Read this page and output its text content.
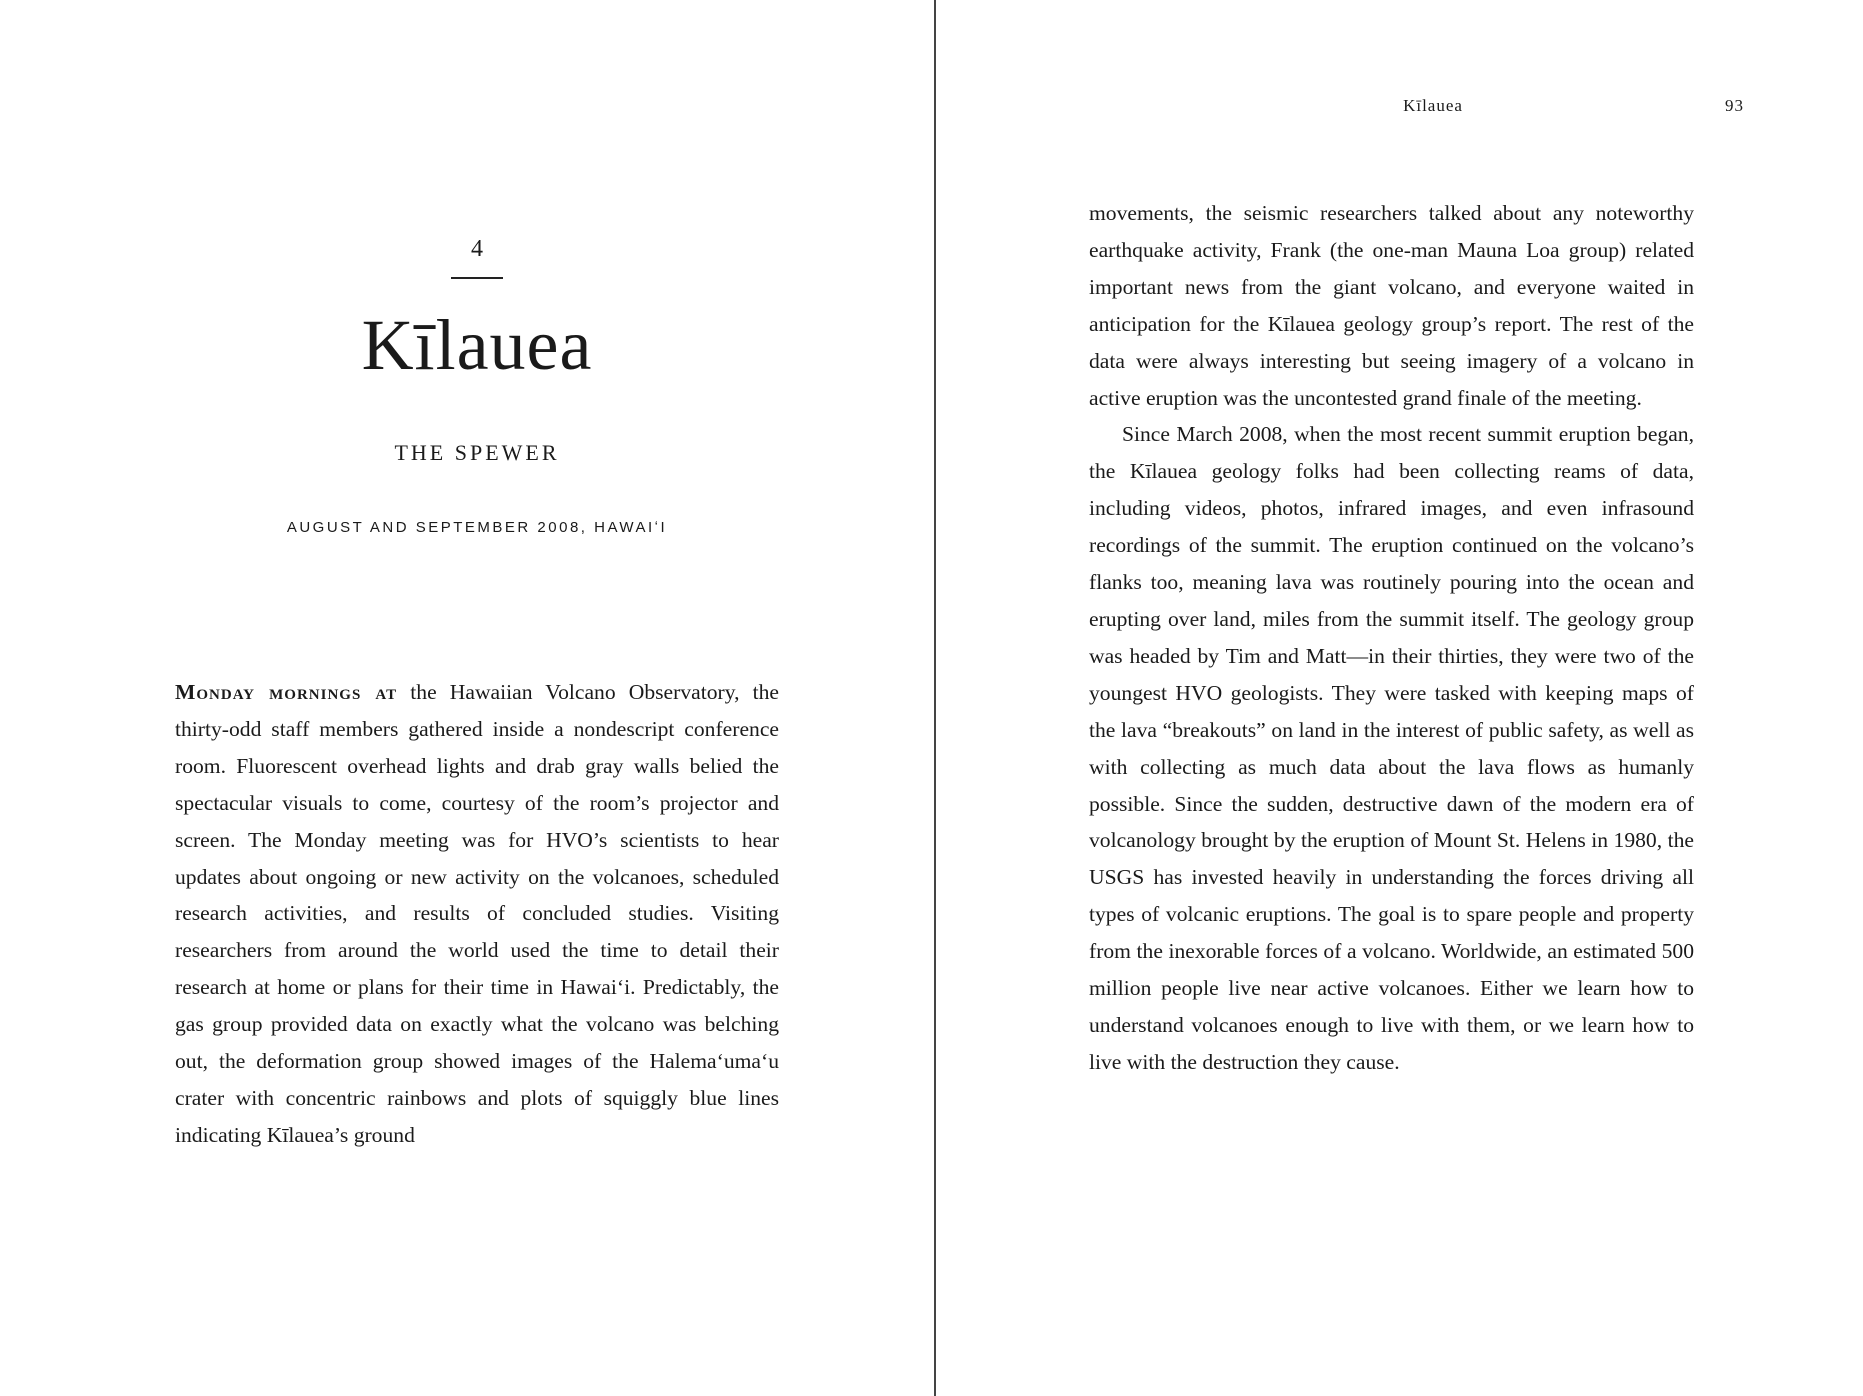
4
Kīlauea
THE SPEWER
AUGUST AND SEPTEMBER 2008, HAWAIʻI

Monday mornings at the Hawaiian Volcano Observatory, the thirty-odd staff members gathered inside a nondescript conference room. Fluorescent overhead lights and drab gray walls belied the spectacular visuals to come, courtesy of the room’s projector and screen. The Monday meeting was for HVO’s scientists to hear updates about ongoing or new activity on the volcanoes, scheduled research activities, and results of concluded studies. Visiting researchers from around the world used the time to detail their research at home or plans for their time in Hawaiʻi. Predictably, the gas group provided data on exactly what the volcano was belching out, the deformation group showed images of the Halemaʻumaʻu crater with concentric rainbows and plots of squiggly blue lines indicating Kīlauea’s ground

Kīlauea	93

movements, the seismic researchers talked about any noteworthy earthquake activity, Frank (the one-man Mauna Loa group) related important news from the giant volcano, and everyone waited in anticipation for the Kīlauea geology group’s report. The rest of the data were always interesting but seeing imagery of a volcano in active eruption was the uncontested grand finale of the meeting.

Since March 2008, when the most recent summit eruption began, the Kīlauea geology folks had been collecting reams of data, including videos, photos, infrared images, and even infrasound recordings of the summit. The eruption continued on the volcano’s flanks too, meaning lava was routinely pouring into the ocean and erupting over land, miles from the summit itself. The geology group was headed by Tim and Matt—in their thirties, they were two of the youngest HVO geologists. They were tasked with keeping maps of the lava “breakouts” on land in the interest of public safety, as well as with collecting as much data about the lava flows as humanly possible. Since the sudden, destructive dawn of the modern era of volcanology brought by the eruption of Mount St. Helens in 1980, the USGS has invested heavily in understanding the forces driving all types of volcanic eruptions. The goal is to spare people and property from the inexorable forces of a volcano. Worldwide, an estimated 500 million people live near active volcanoes. Either we learn how to understand volcanoes enough to live with them, or we learn how to live with the destruction they cause.
